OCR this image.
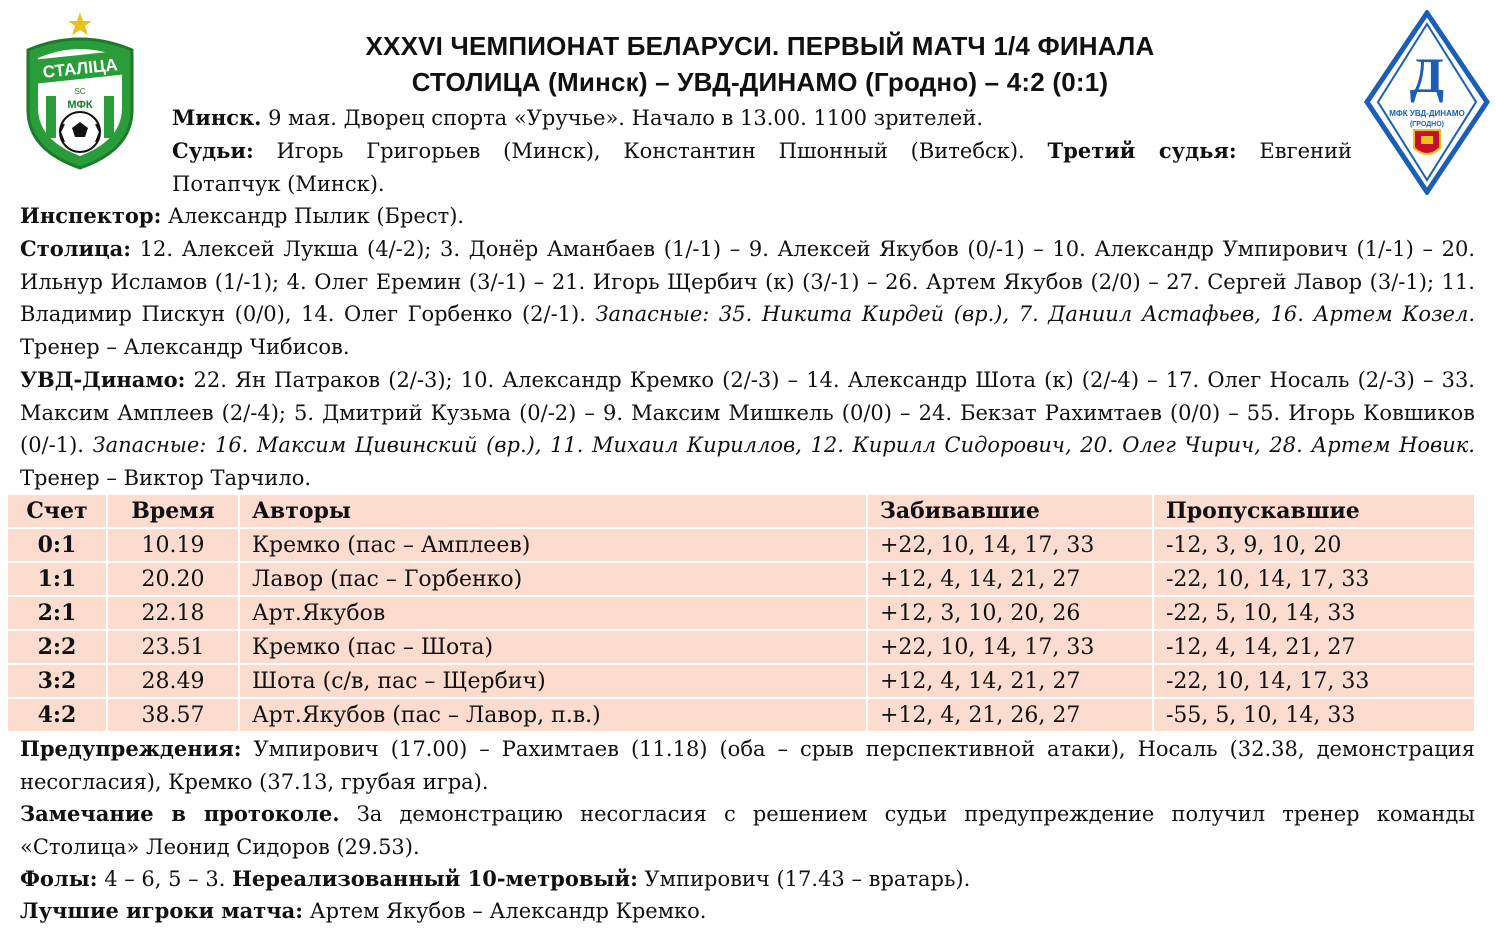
СТАЛІЦА
SC
МФК
Д
МФК УВД-ДИНАМО
(ГРОДНО)
XXXVI ЧЕМПИОНАТ БЕЛАРУСИ. ПЕРВЫЙ МАТЧ 1/4 ФИНАЛА
СТОЛИЦА (Минск) – УВД-ДИНАМО (Гродно) – 4:2 (0:1)
Минск. 9 мая. Дворец спорта «Уручье». Начало в 13.00. 1100 зрителей.
Судьи: Игорь Григорьев (Минск), Константин Пшонный (Витебск). Третий судья: Евгений
Потапчук (Минск).
Инспектор: Александр Пылик (Брест).
Столица: 12. Алексей Лукша (4/-2); 3. Донёр Аманбаев (1/-1) – 9. Алексей Якубов (0/-1) – 10. Александр Умпирович (1/-1) – 20. Ильнур Исламов (1/-1); 4. Олег Еремин (3/-1) – 21. Игорь Щербич (к) (3/-1) – 26. Артем Якубов (2/0) – 27. Сергей Лавор (3/-1); 11. Владимир Пискун (0/0), 14. Олег Горбенко (2/-1). Запасные: 35. Никита Кирдей (вр.), 7. Даниил Астафьев, 16. Артем Козел. Тренер – Александр Чибисов.
УВД-Динамо: 22. Ян Патраков (2/-3); 10. Александр Кремко (2/-3) – 14. Александр Шота (к) (2/-4) – 17. Олег Носаль (2/-3) – 33. Максим Амплеев (2/-4); 5. Дмитрий Кузьма (0/-2) – 9. Максим Мишкель (0/0) – 24. Бекзат Рахимтаев (0/0) – 55. Игорь Ковшиков (0/-1). Запасные: 16. Максим Цивинский (вр.), 11. Михаил Кириллов, 12. Кирилл Сидорович, 20. Олег Чирич, 28. Артем Новик. Тренер – Виктор Тарчило.
Счет	Время	Авторы	Забивавшие	Пропускавшие
0:1	10.19	Кремко (пас – Амплеев)	+22, 10, 14, 17, 33	-12, 3, 9, 10, 20
1:1	20.20	Лавор (пас – Горбенко)	+12, 4, 14, 21, 27	-22, 10, 14, 17, 33
2:1	22.18	Арт.Якубов	+12, 3, 10, 20, 26	-22, 5, 10, 14, 33
2:2	23.51	Кремко (пас – Шота)	+22, 10, 14, 17, 33	-12, 4, 14, 21, 27
3:2	28.49	Шота (с/в, пас – Щербич)	+12, 4, 14, 21, 27	-22, 10, 14, 17, 33
4:2	38.57	Арт.Якубов (пас – Лавор, п.в.)	+12, 4, 21, 26, 27	-55, 5, 10, 14, 33
Предупреждения: Умпирович (17.00) – Рахимтаев (11.18) (оба – срыв перспективной атаки), Носаль (32.38, демонстрация несогласия), Кремко (37.13, грубая игра).
Замечание в протоколе. За демонстрацию несогласия с решением судьи предупреждение получил тренер команды «Столица» Леонид Сидоров (29.53).
Фолы: 4 – 6, 5 – 3. Нереализованный 10-метровый: Умпирович (17.43 – вратарь).
Лучшие игроки матча: Артем Якубов – Александр Кремко.
